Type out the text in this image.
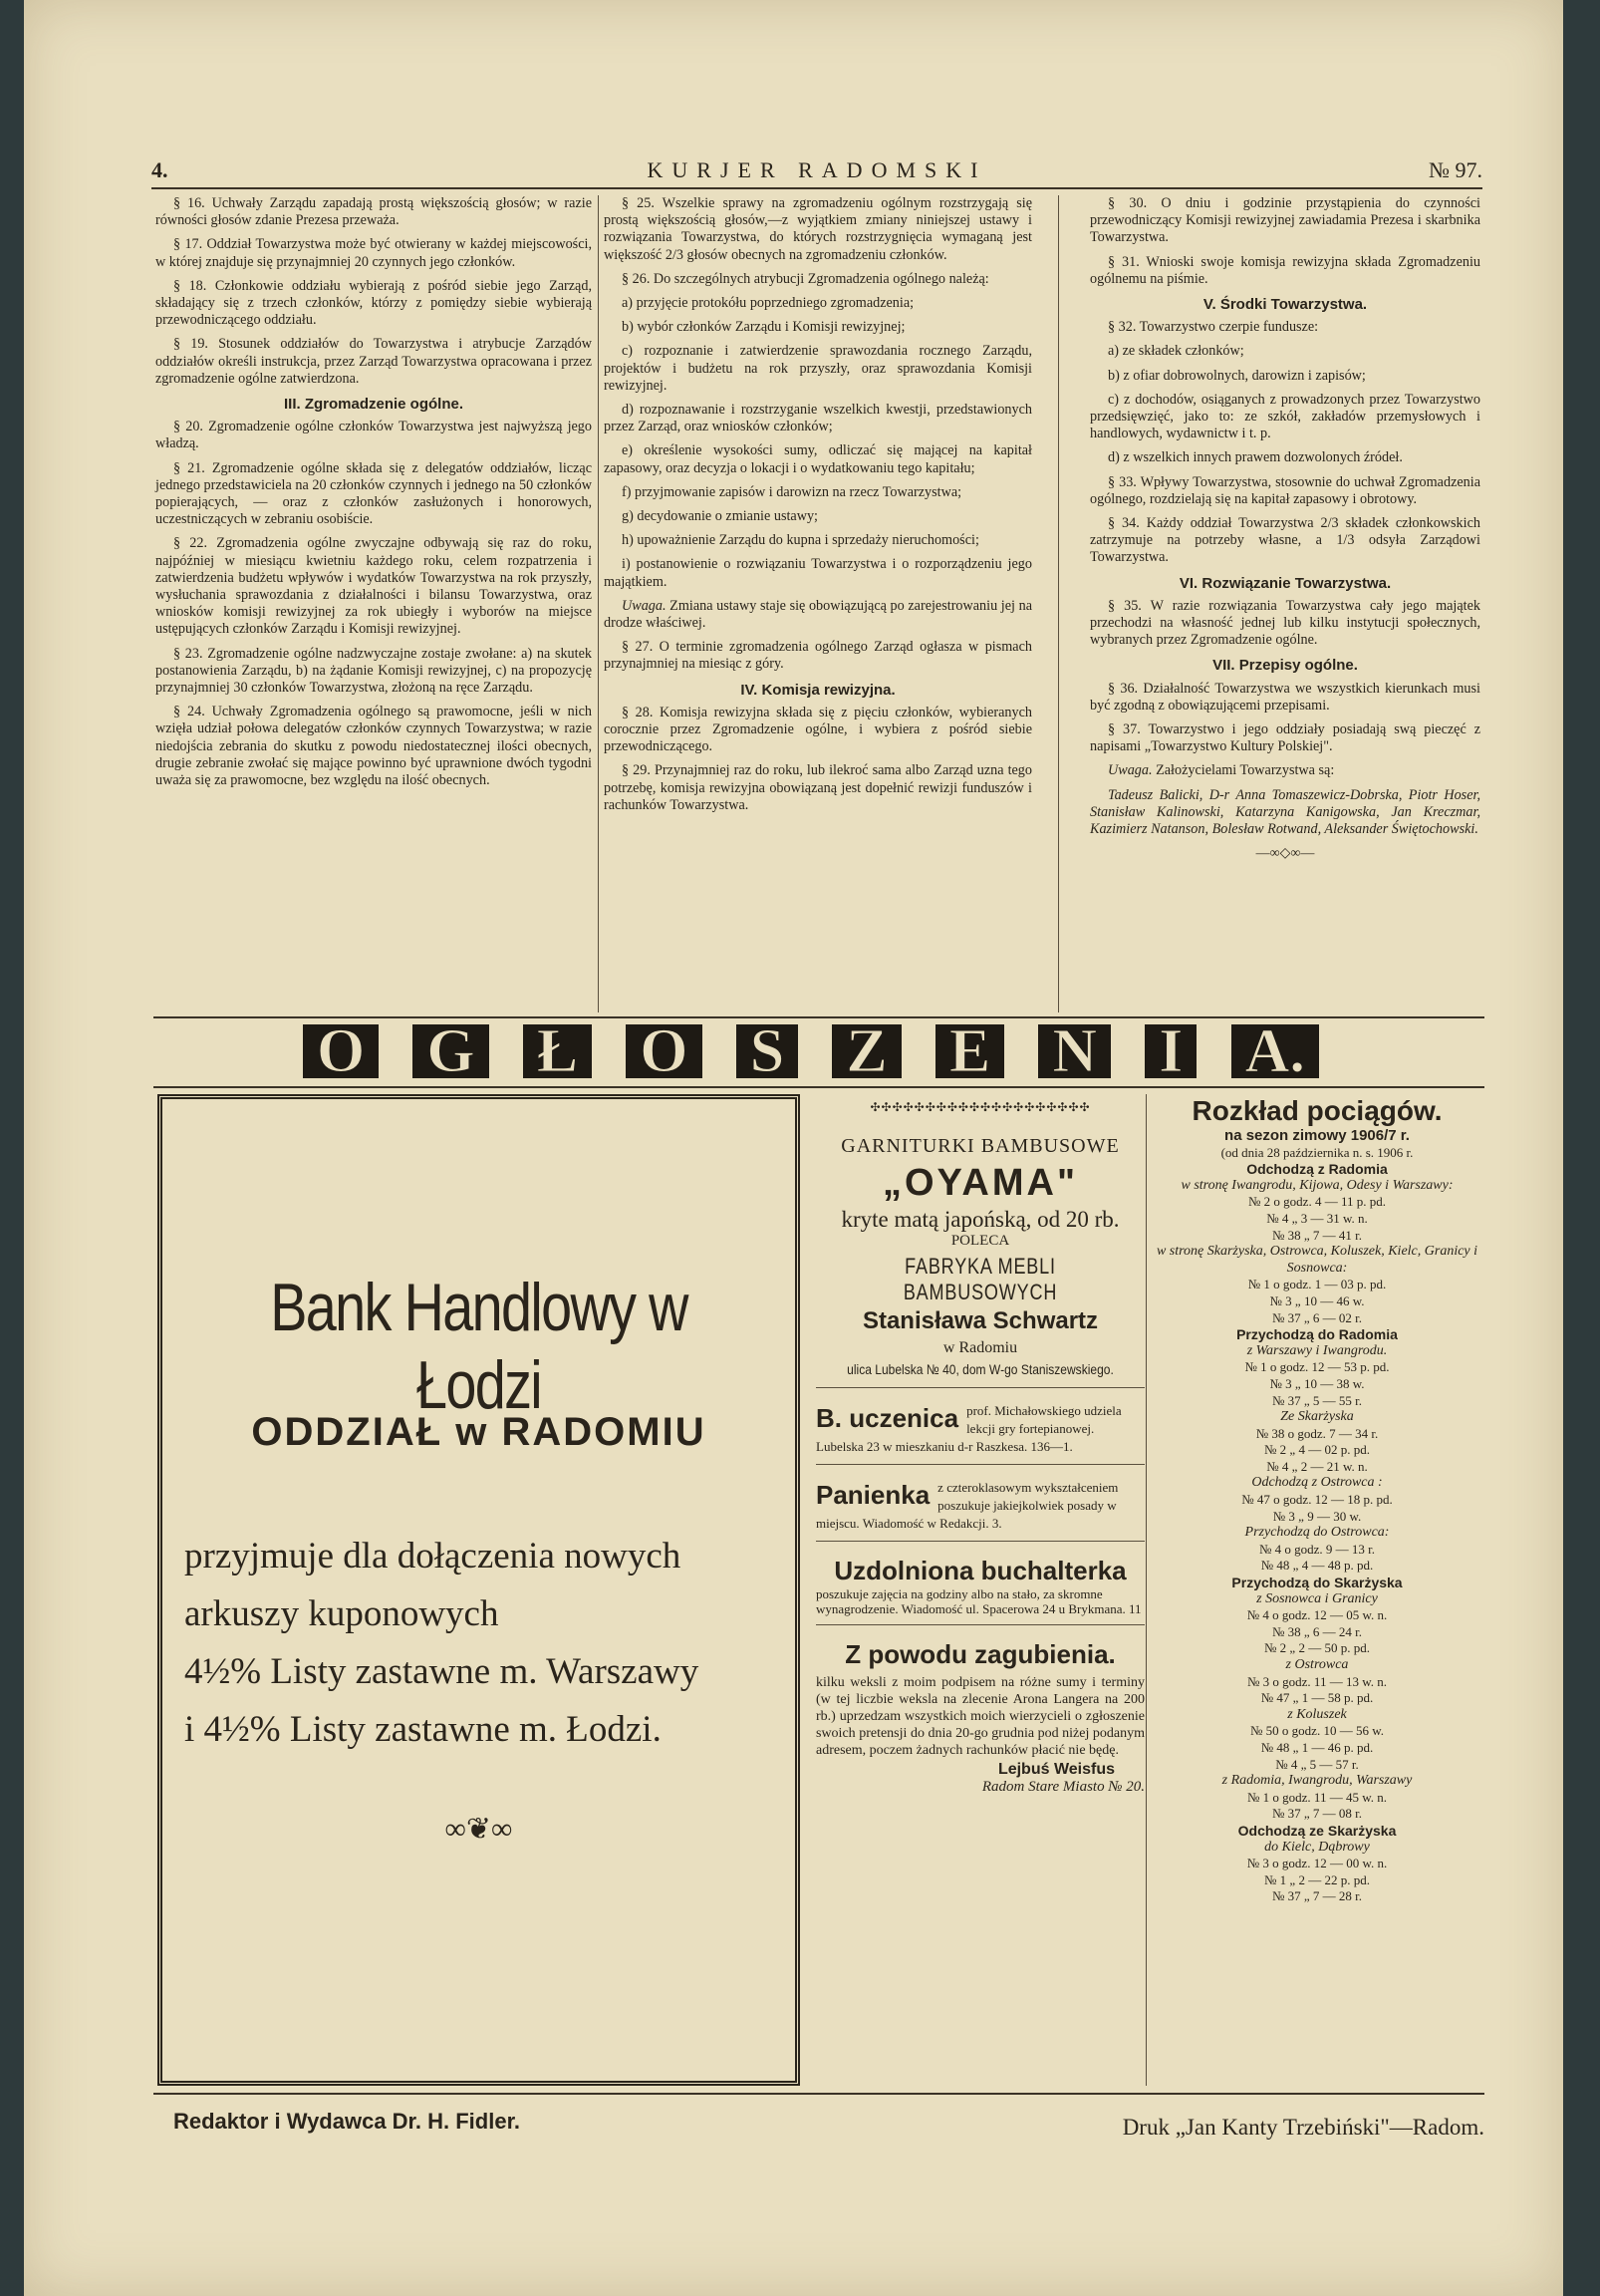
4.	KURJER RADOMSKI	№ 97.

§ 16. Uchwały Zarządu zapadają prostą większością głosów; w razie równości głosów zdanie Prezesa przeważa.

§ 17. Oddział Towarzystwa może być otwierany w każdej miejscowości, w której znajduje się przynajmniej 20 czynnych jego członków.

§ 18. Członkowie oddziału wybierają z pośród siebie jego Zarząd, składający się z trzech członków, którzy z pomiędzy siebie wybierają przewodniczącego oddziału.

§ 19. Stosunek oddziałów do Towarzystwa i atrybucje Zarządów oddziałów określi instrukcja, przez Zarząd Towarzystwa opracowana i przez zgromadzenie ogólne zatwierdzona.

III. Zgromadzenie ogólne.

§ 20. Zgromadzenie ogólne członków Towarzystwa jest najwyższą jego władzą.

§ 21. Zgromadzenie ogólne składa się z delegatów oddziałów, licząc jednego przedstawiciela na 20 członków czynnych i jednego na 50 członków popierających, — oraz z członków zasłużonych i honorowych, uczestniczących w zebraniu osobiście.

§ 22. Zgromadzenia ogólne zwyczajne odbywają się raz do roku, najpóźniej w miesiącu kwietniu każdego roku, celem rozpatrzenia i zatwierdzenia budżetu wpływów i wydatków Towarzystwa na rok przyszły, wysłuchania sprawozdania z działalności i bilansu Towarzystwa, oraz wniosków komisji rewizyjnej za rok ubiegły i wyborów na miejsce ustępujących członków Zarządu i Komisji rewizyjnej.

§ 23. Zgromadzenie ogólne nadzwyczajne zostaje zwołane: a) na skutek postanowienia Zarządu, b) na żądanie Komisji rewizyjnej, c) na propozycję przynajmniej 30 członków Towarzystwa, złożoną na ręce Zarządu.

§ 24. Uchwały Zgromadzenia ogólnego są prawomocne, jeśli w nich wzięła udział połowa delegatów członków czynnych Towarzystwa; w razie niedojścia zebrania do skutku z powodu niedostatecznej ilości obecnych, drugie zebranie zwołać się mające powinno być uprawnione dwóch tygodni uważa się za prawomocne, bez względu na ilość obecnych.

§ 25. Wszelkie sprawy na zgromadzeniu ogólnym rozstrzygają się prostą większością głosów,—z wyjątkiem zmiany niniejszej ustawy i rozwiązania Towarzystwa, do których rozstrzygnięcia wymaganą jest większość 2/3 głosów obecnych na zgromadzeniu członków.

§ 26. Do szczególnych atrybucji Zgromadzenia ogólnego należą:

a) przyjęcie protokółu poprzedniego zgromadzenia;

b) wybór członków Zarządu i Komisji rewizyjnej;

c) rozpoznanie i zatwierdzenie sprawozdania rocznego Zarządu, projektów i budżetu na rok przyszły, oraz sprawozdania Komisji rewizyjnej.

d) rozpoznawanie i rozstrzyganie wszelkich kwestji, przedstawionych przez Zarząd, oraz wniosków członków;

e) określenie wysokości sumy, odliczać się mającej na kapitał zapasowy, oraz decyzja o lokacji i o wydatkowaniu tego kapitału;

f) przyjmowanie zapisów i darowizn na rzecz Towarzystwa;

g) decydowanie o zmianie ustawy;

h) upoważnienie Zarządu do kupna i sprzedaży nieruchomości;

i) postanowienie o rozwiązaniu Towarzystwa i o rozporządzeniu jego majątkiem.

Uwaga. Zmiana ustawy staje się obowiązującą po zarejestrowaniu jej na drodze właściwej.

§ 27. O terminie zgromadzenia ogólnego Zarząd ogłasza w pismach przynajmniej na miesiąc z góry.

IV. Komisja rewizyjna.

§ 28. Komisja rewizyjna składa się z pięciu członków, wybieranych corocznie przez Zgromadzenie ogólne, i wybiera z pośród siebie przewodniczącego.

§ 29. Przynajmniej raz do roku, lub ilekroć sama albo Zarząd uzna tego potrzebę, komisja rewizyjna obowiązaną jest dopełnić rewizji funduszów i rachunków Towarzystwa.

§ 30. O dniu i godzinie przystąpienia do czynności przewodniczący Komisji rewizyjnej zawiadamia Prezesa i skarbnika Towarzystwa.

§ 31. Wnioski swoje komisja rewizyjna składa Zgromadzeniu ogólnemu na piśmie.

V. Środki Towarzystwa.

§ 32. Towarzystwo czerpie fundusze:

a) ze składek członków;

b) z ofiar dobrowolnych, darowizn i zapisów;

c) z dochodów, osiąganych z prowadzonych przez Towarzystwo przedsięwzięć, jako to: ze szkół, zakładów przemysłowych i handlowych, wydawnictw i t. p.

d) z wszelkich innych prawem dozwolonych źródeł.

§ 33. Wpływy Towarzystwa, stosownie do uchwał Zgromadzenia ogólnego, rozdzielają się na kapitał zapasowy i obrotowy.

§ 34. Każdy oddział Towarzystwa 2/3 składek członkowskich zatrzymuje na potrzeby własne, a 1/3 odsyła Zarządowi Towarzystwa.

VI. Rozwiązanie Towarzystwa.

§ 35. W razie rozwiązania Towarzystwa cały jego majątek przechodzi na własność jednej lub kilku instytucji społecznych, wybranych przez Zgromadzenie ogólne.

VII. Przepisy ogólne.

§ 36. Działalność Towarzystwa we wszystkich kierunkach musi być zgodną z obowiązującemi przepisami.

§ 37. Towarzystwo i jego oddziały posiadają swą pieczęć z napisami „Towarzystwo Kultury Polskiej".

Uwaga. Założycielami Towarzystwa są:

Tadeusz Balicki, D-r Anna Tomaszewicz-Dobrska, Piotr Hoser, Stanisław Kalinowski, Katarzyna Kanigowska, Jan Kreczmar, Kazimierz Natanson, Bolesław Rotwand, Aleksander Świętochowski.

—∞◇∞—
O G Ł O S Z E N I A.
Bank Handlowy w Łodzi
ODDZIAŁ w RADOMIU
przyjmuje dla dołączenia nowych
arkuszy kuponowych
4½% Listy zastawne m. Warszawy
i 4½% Listy zastawne m. Łodzi.
∞❦∞
✣✣✣✣✣✣✣✣✣✣✣✣✣✣✣✣✣✣✣✣
GARNITURKI BAMBUSOWE
„OYAMA"
kryte matą japońską, od 20 rb.
POLECA
FABRYKA MEBLI BAMBUSOWYCH
Stanisława Schwartz
w Radomiu
ulica Lubelska № 40, dom W-go Staniszewskiego.
B. uczenica prof. Michałowskiego udziela lekcji gry fortepianowej. Lubelska 23 w mieszkaniu d-r Raszkesa. 136—1.
Panienka z czteroklasowym wykształceniem poszukuje jakiejkolwiek posady w miejscu. Wiadomość w Redakcji. 3.
Uzdolniona buchalterka
poszukuje zajęcia na godziny albo na stało, za skromne wynagrodzenie. Wiadomość ul. Spacerowa 24 u Brykmana. 11
Z powodu zagubienia.
kilku weksli z moim podpisem na różne sumy i terminy (w tej liczbie weksla na zlecenie Arona Langera na 200 rb.) uprzedzam wszystkich moich wierzycieli o zgłoszenie swoich pretensji do dnia 20-go grudnia pod niżej podanym adresem, poczem żadnych rachunków płacić nie będę.
Lejbuś Weisfus
Radom Stare Miasto № 20.
Rozkład pociągów.
na sezon zimowy 1906/7 r.
(od dnia 28 października n. s. 1906 r.
Odchodzą z Radomia
w stronę Iwangrodu, Kijowa, Odesy i Warszawy:
№ 2 o godz. 4 — 11 p. pd.
№ 4 „ 3 — 31 w. n.
№ 38 „ 7 — 41 r.
w stronę Skarżyska, Ostrowca, Koluszek, Kielc, Granicy i Sosnowca:
№ 1 o godz. 1 — 03 p. pd.
№ 3 „ 10 — 46 w.
№ 37 „ 6 — 02 r.
Przychodzą do Radomia
z Warszawy i Iwangrodu.
№ 1 o godz. 12 — 53 p. pd.
№ 3 „ 10 — 38 w.
№ 37 „ 5 — 55 r.
Ze Skarżyska
№ 38 o godz. 7 — 34 r.
№ 2 „ 4 — 02 p. pd.
№ 4 „ 2 — 21 w. n.
Odchodzą z Ostrowca :
№ 47 o godz. 12 — 18 p. pd.
№ 3 „ 9 — 30 w.
Przychodzą do Ostrowca:
№ 4 o godz. 9 — 13 r.
№ 48 „ 4 — 48 p. pd.
Przychodzą do Skarżyska
z Sosnowca i Granicy
№ 4 o godz. 12 — 05 w. n.
№ 38 „ 6 — 24 r.
№ 2 „ 2 — 50 p. pd.
z Ostrowca
№ 3 o godz. 11 — 13 w. n.
№ 47 „ 1 — 58 p. pd.
z Koluszek
№ 50 o godz. 10 — 56 w.
№ 48 „ 1 — 46 p. pd.
№ 4 „ 5 — 57 r.
z Radomia, Iwangrodu, Warszawy
№ 1 o godz. 11 — 45 w. n.
№ 37 „ 7 — 08 r.
Odchodzą ze Skarżyska
do Kielc, Dąbrowy
№ 3 o godz. 12 — 00 w. n.
№ 1 „ 2 — 22 p. pd.
№ 37 „ 7 — 28 r.
Redaktor i Wydawca Dr. H. Fidler.	Druk „Jan Kanty Trzebiński"—Radom.
